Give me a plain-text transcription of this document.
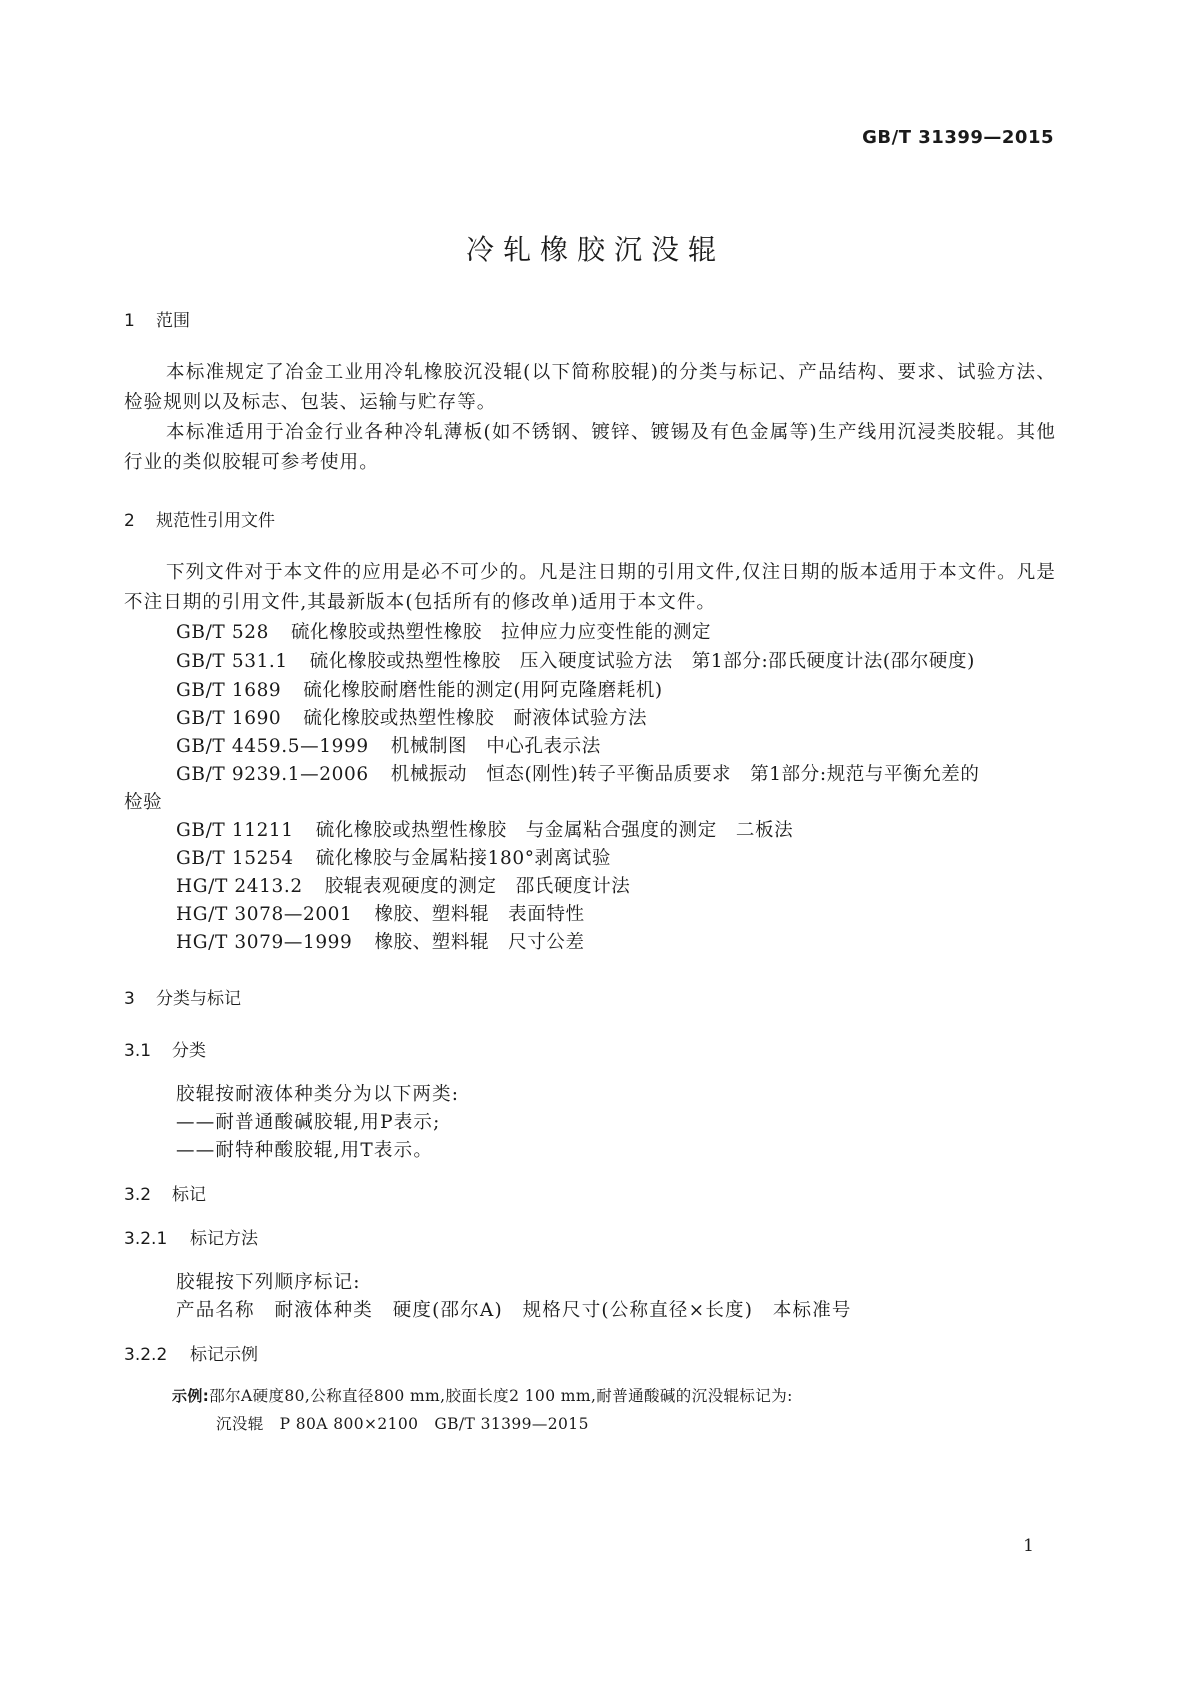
GB/T 31399—2015
冷轧橡胶沉没辊
1 范围
本标准规定了冶金工业用冷轧橡胶沉没辊(以下简称胶辊)的分类与标记、产品结构、要求、试验方法、检验规则以及标志、包装、运输与贮存等。
本标准适用于冶金行业各种冷轧薄板(如不锈钢、镀锌、镀锡及有色金属等)生产线用沉浸类胶辊。其他行业的类似胶辊可参考使用。
2 规范性引用文件
下列文件对于本文件的应用是必不可少的。凡是注日期的引用文件,仅注日期的版本适用于本文件。凡是不注日期的引用文件,其最新版本(包括所有的修改单)适用于本文件。
GB/T 528 硫化橡胶或热塑性橡胶　拉伸应力应变性能的测定
GB/T 531.1 硫化橡胶或热塑性橡胶　压入硬度试验方法　第1部分:邵氏硬度计法(邵尔硬度)
GB/T 1689 硫化橡胶耐磨性能的测定(用阿克隆磨耗机)
GB/T 1690 硫化橡胶或热塑性橡胶　耐液体试验方法
GB/T 4459.5—1999 机械制图　中心孔表示法
GB/T 9239.1—2006 机械振动　恒态(刚性)转子平衡品质要求　第1部分:规范与平衡允差的
检验
GB/T 11211 硫化橡胶或热塑性橡胶　与金属粘合强度的测定　二板法
GB/T 15254 硫化橡胶与金属粘接180°剥离试验
HG/T 2413.2 胶辊表观硬度的测定　邵氏硬度计法
HG/T 3078—2001 橡胶、塑料辊　表面特性
HG/T 3079—1999 橡胶、塑料辊　尺寸公差
3 分类与标记
3.1 分类
胶辊按耐液体种类分为以下两类:
——耐普通酸碱胶辊,用P表示;
——耐特种酸胶辊,用T表示。
3.2 标记
3.2.1 标记方法
胶辊按下列顺序标记:
产品名称　耐液体种类　硬度(邵尔A)　规格尺寸(公称直径×长度)　本标准号
3.2.2 标记示例
示例:邵尔A硬度80,公称直径800 mm,胶面长度2 100 mm,耐普通酸碱的沉没辊标记为:
沉没辊　P 80A 800×2100　GB/T 31399—2015
1
